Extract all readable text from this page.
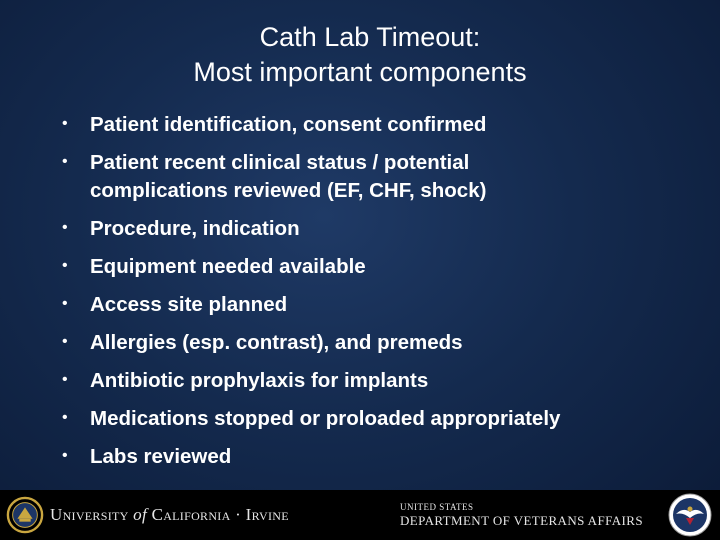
Cath Lab Timeout:
Most important components
• Patient identification, consent confirmed
• Patient recent clinical status / potential
complications reviewed (EF, CHF, shock)
• Procedure, indication
• Equipment needed available
• Access site planned
• Allergies (esp. contrast), and premeds
• Antibiotic prophylaxis for implants
• Medications stopped or proloaded appropriately
• Labs reviewed
University of California · Irvine	UNITED STATES
DEPARTMENT OF VETERANS AFFAIRS
